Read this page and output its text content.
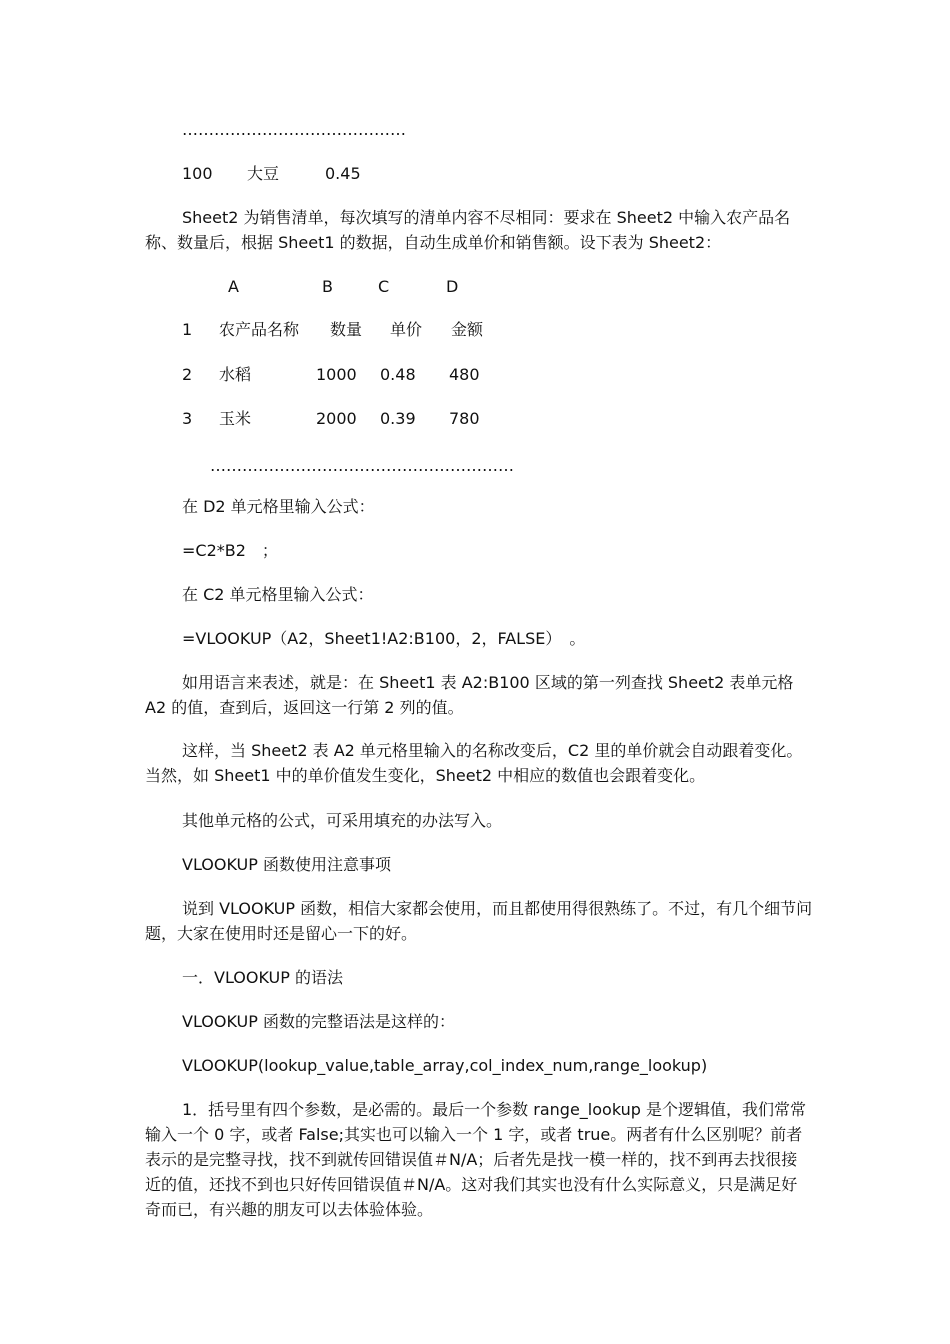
……………………………………
100 大豆	0.45

Sheet2 为销售清单，每次填写的清单内容不尽相同：要求在 Sheet2 中输入农产品名称、数量后，根据 Sheet1 的数据，自动生成单价和销售额。设下表为 Sheet2：

A	B	C	D
1 农产品名称 数量 单价 金额
2 水稻	1000 0.48 480
3 玉米	2000 0.39 780
…………………………………………………
在 D2 单元格里输入公式：
=C2*B2　；
在 C2 单元格里输入公式：
=VLOOKUP（A2，Sheet1!A2:B100，2，FALSE）　。

如用语言来表述，就是：在 Sheet1 表 A2:B100 区域的第一列查找 Sheet2 表单元格 A2 的值，查到后，返回这一行第 2 列的值。

这样，当 Sheet2 表 A2 单元格里输入的名称改变后，C2 里的单价就会自动跟着变化。当然，如 Sheet1 中的单价值发生变化，Sheet2 中相应的数值也会跟着变化。

其他单元格的公式，可采用填充的办法写入。
VLOOKUP 函数使用注意事项

说到 VLOOKUP 函数，相信大家都会使用，而且都使用得很熟练了。不过，有几个细节问题，大家在使用时还是留心一下的好。

一．VLOOKUP 的语法
VLOOKUP 函数的完整语法是这样的：
VLOOKUP(lookup_value,table_array,col_index_num,range_lookup)

1．括号里有四个参数，是必需的。最后一个参数 range_lookup 是个逻辑值，我们常常输入一个 0 字，或者 False;其实也可以输入一个 1 字，或者 true。两者有什么区别呢？前者表示的是完整寻找，找不到就传回错误值＃N/A；后者先是找一模一样的，找不到再去找很接近的值，还找不到也只好传回错误值＃N/A。这对我们其实也没有什么实际意义，只是满足好奇而已，有兴趣的朋友可以去体验体验。
